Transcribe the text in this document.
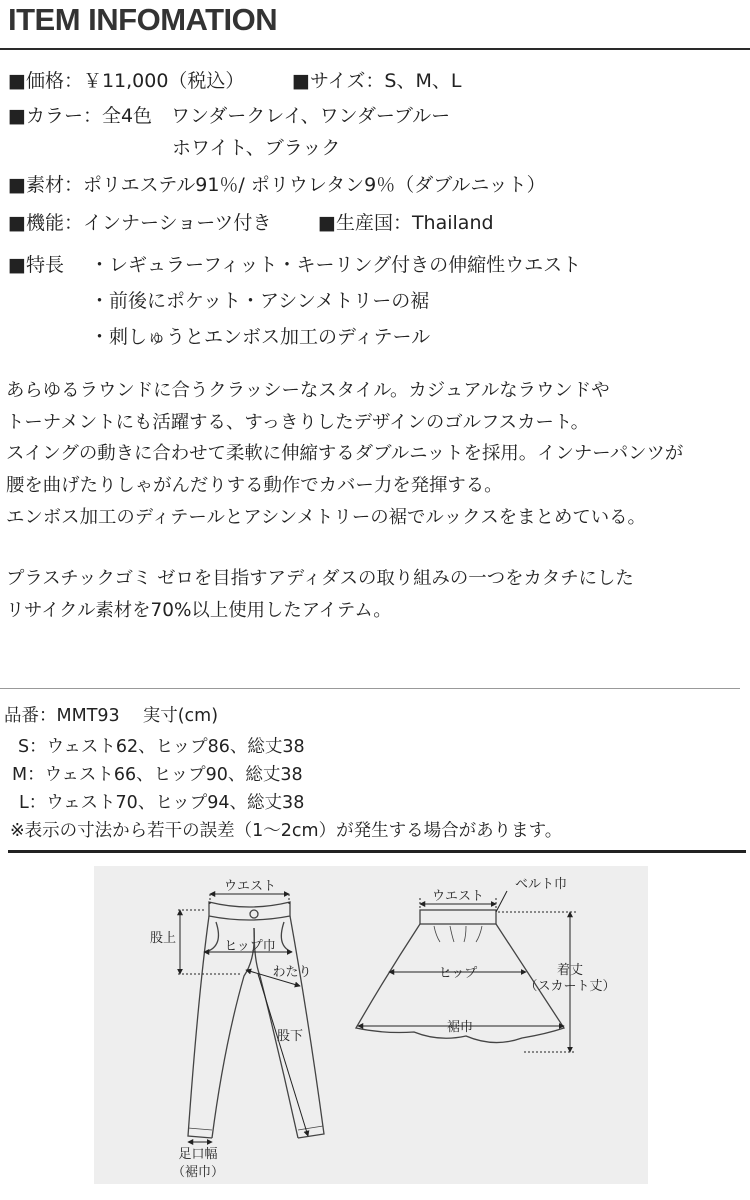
ITEM INFOMATION
■価格：￥11,000（税込）	■サイズ：S、M、L
■カラー：全4色　ワンダークレイ、ワンダーブルー
ホワイト、ブラック
■素材：ポリエステル91％/ ポリウレタン9％（ダブルニット）
■機能：インナーショーツ付き ■生産国：Thailand
■特長 ・レギュラーフィット・キーリング付きの伸縮性ウエスト
・前後にポケット・アシンメトリーの裾
・刺しゅうとエンボス加工のディテール
あらゆるラウンドに合うクラッシーなスタイル。カジュアルなラウンドや
トーナメントにも活躍する、すっきりしたデザインのゴルフスカート。
スイングの動きに合わせて柔軟に伸縮するダブルニットを採用。インナーパンツが
腰を曲げたりしゃがんだりする動作でカバー力を発揮する。
エンボス加工のディテールとアシンメトリーの裾でルックスをまとめている。
プラスチックゴミ ゼロを目指すアディダスの取り組みの一つをカタチにした
リサイクル素材を70%以上使用したアイテム。
品番：MMT93　 実寸(cm)
S：ウェスト62、ヒップ86、総丈38
M：ウェスト66、ヒップ90、総丈38
L：ウェスト70、ヒップ94、総丈38
※表示の寸法から若干の誤差（1〜2cm）が発生する場合があります。
ウエスト
股上
ヒップ巾
わたり
股下
足口幅
（裾巾）
ベルト巾
ウエスト
ヒップ	着丈
（スカート丈）
裾巾
